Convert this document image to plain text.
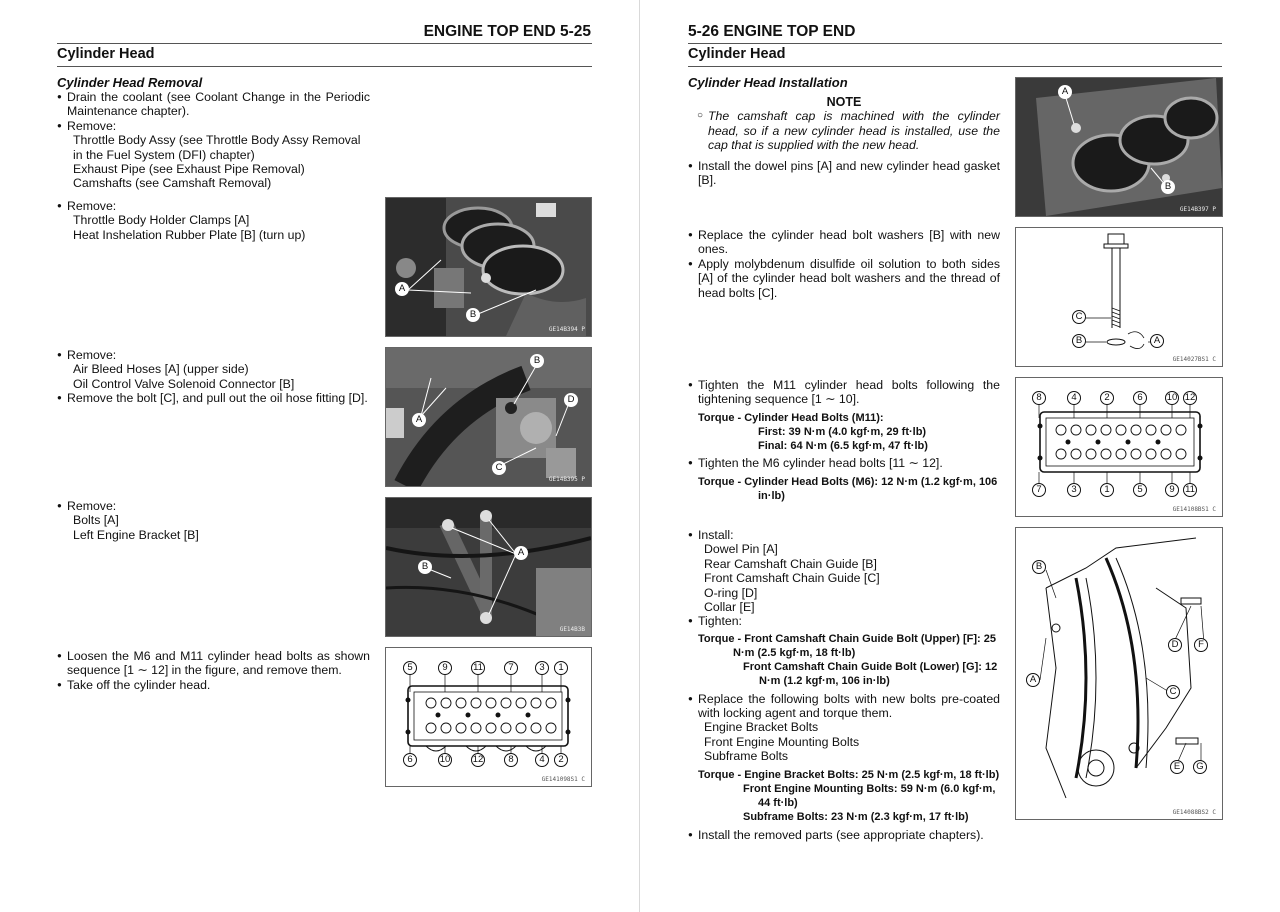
ENGINE TOP END 5-25
Cylinder Head
Cylinder Head Removal
● Drain the coolant (see Coolant Change in the Periodic Maintenance chapter).
● Remove:
Throttle Body Assy (see Throttle Body Assy Removal in the Fuel System (DFI) chapter)
Exhaust Pipe (see Exhaust Pipe Removal)
Camshafts (see Camshaft Removal)
● Remove:
Throttle Body Holder Clamps [A]
Heat Inshelation Rubber Plate [B] (turn up)
A
B
GE14B394 P
● Remove:
Air Bleed Hoses [A] (upper side)
Oil Control Valve Solenoid Connector [B]
● Remove the bolt [C], and pull out the oil hose fitting [D].
A
B
C
D
GE14B395 P
● Remove:
Bolts [A]
Left Engine Bracket [B]
A
B
GE14B3B
● Loosen the M6 and M11 cylinder head bolts as shown sequence [1 ∼ 12] in the figure, and remove them.
● Take off the cylinder head.
5	9	11	7	3	1
6	10 12	8	4	2
GE141098S1 C
5-26 ENGINE TOP END
Cylinder Head
Cylinder Head Installation
NOTE
○ The camshaft cap is machined with the cylinder head, so if a new cylinder head is installed, use the cap that is supplied with the new head.
● Install the dowel pins [A] and new cylinder head gasket [B].
A
B
GE14B397 P
● Replace the cylinder head bolt washers [B] with new ones.
● Apply molybdenum disulfide oil solution to both sides [A] of the cylinder head bolt washers and the thread of head bolts [C].
C
B	A
GE14027BS1 C
● Tighten the M11 cylinder head bolts following the tightening sequence [1 ∼ 10].
Torque - Cylinder Head Bolts (M11):
First: 39 N·m (4.0 kgf·m, 29 ft·lb)
Final: 64 N·m (6.5 kgf·m, 47 ft·lb)
● Tighten the M6 cylinder head bolts [11 ∼ 12].
Torque - Cylinder Head Bolts (M6): 12 N·m (1.2 kgf·m, 106
in·lb)
8	4	2	6	10 12
7	3	1	5	9	11
GE14108BS1 C
● Install:
Dowel Pin [A]
Rear Camshaft Chain Guide [B]
Front Camshaft Chain Guide [C]
O-ring [D]
Collar [E]
● Tighten:
Torque - Front Camshaft Chain Guide Bolt (Upper) [F]: 25
N·m (2.5 kgf·m, 18 ft·lb)
Front Camshaft Chain Guide Bolt (Lower) [G]: 12
N·m (1.2 kgf·m, 106 in·lb)
● Replace the following bolts with new bolts pre-coated with locking agent and torque them.
Engine Bracket Bolts
Front Engine Mounting Bolts
Subframe Bolts
Torque - Engine Bracket Bolts: 25 N·m (2.5 kgf·m, 18 ft·lb)
Front Engine Mounting Bolts: 59 N·m (6.0 kgf·m,
44 ft·lb)
Subframe Bolts: 23 N·m (2.3 kgf·m, 17 ft·lb)
● Install the removed parts (see appropriate chapters).
B
D	F
C
A
E	G
GE14088BS2 C
